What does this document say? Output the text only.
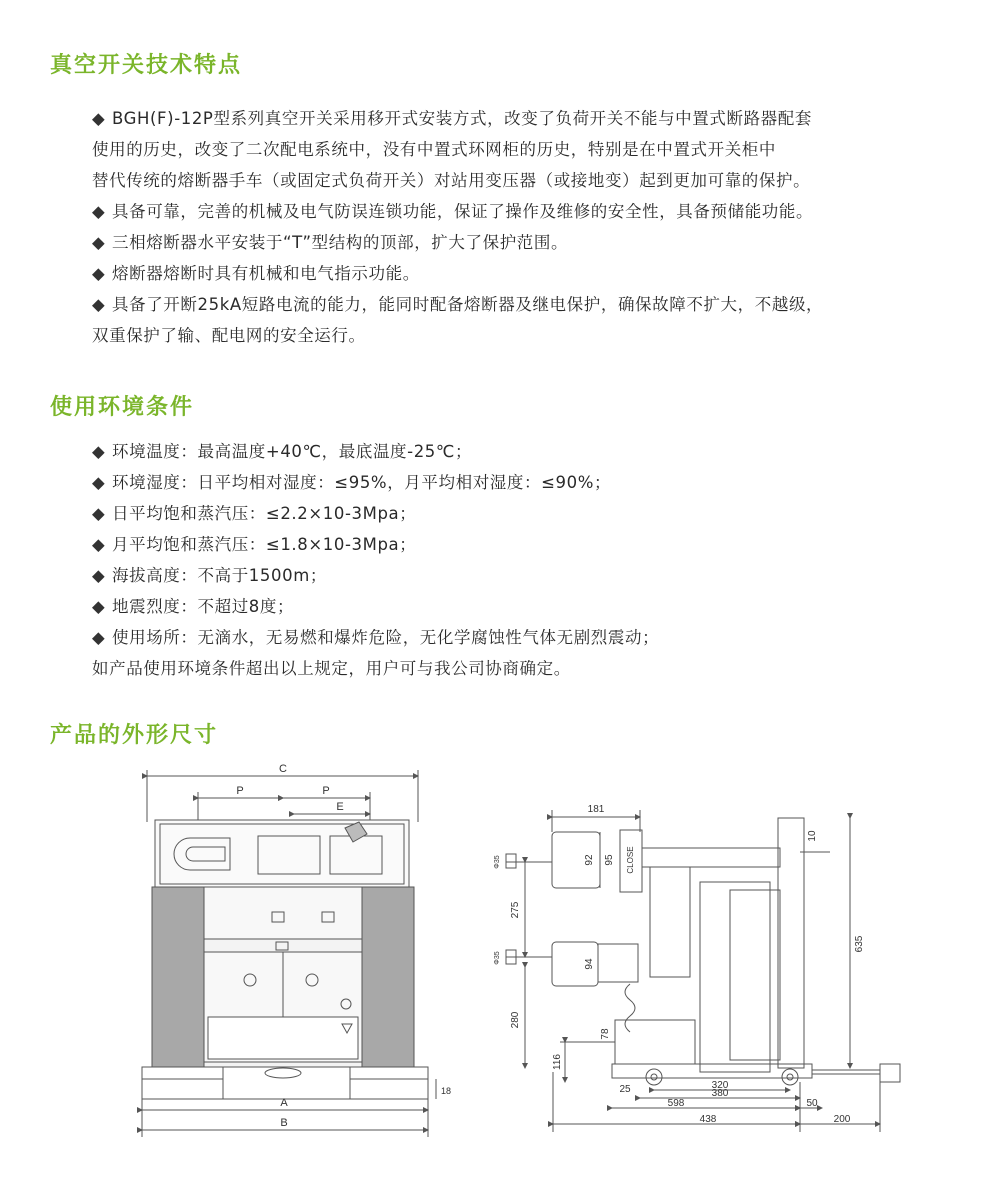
真空开关技术特点
◆ BGH(F)-12P型系列真空开关采用移开式安装方式，改变了负荷开关不能与中置式断路器配套
使用的历史，改变了二次配电系统中，没有中置式环网柜的历史，特别是在中置式开关柜中
替代传统的熔断器手车（或固定式负荷开关）对站用变压器（或接地变）起到更加可靠的保护。
◆ 具备可靠，完善的机械及电气防误连锁功能，保证了操作及维修的安全性，具备预储能功能。
◆ 三相熔断器水平安装于“T”型结构的顶部，扩大了保护范围。
◆ 熔断器熔断时具有机械和电气指示功能。
◆ 具备了开断25kA短路电流的能力，能同时配备熔断器及继电保护，确保故障不扩大，不越级，
双重保护了输、配电网的安全运行。
使用环境条件
◆ 环境温度：最高温度+40℃，最底温度-25℃；
◆ 环境湿度：日平均相对湿度：≤95%，月平均相对湿度：≤90%；
◆ 日平均饱和蒸汽压：≤2.2×10-3Mpa；
◆ 月平均饱和蒸汽压：≤1.8×10-3Mpa；
◆ 海拔高度：不高于1500m；
◆ 地震烈度：不超过8度；
◆ 使用场所：无滴水，无易燃和爆炸危险，无化学腐蚀性气体无剧烈震动；
如产品使用环境条件超出以上规定，用户可与我公司协商确定。
产品的外形尺寸
C
P	P
E
A
B
18
181
10
92 95 CLOSE
275
94
635
280
78
116
25	320
380
598	50
438	200
Φ35
Φ35
